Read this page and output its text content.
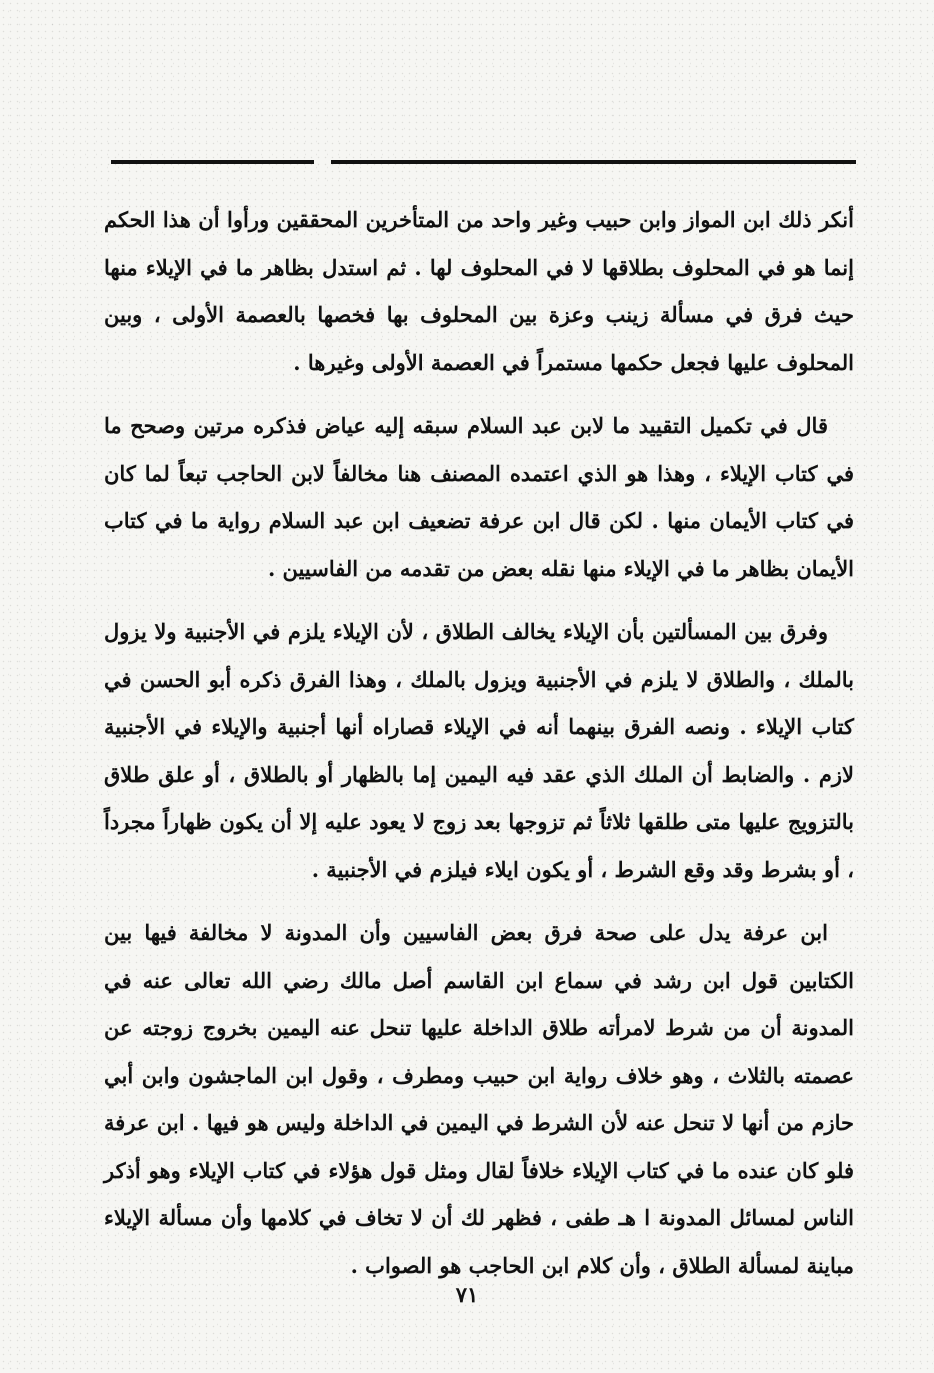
أنكر ذلك ابن المواز وابن حبيب وغير واحد من المتأخرين المحققين ورأوا أن هذا الحكم إنما هو في المحلوف بطلاقها لا في المحلوف لها . ثم استدل بظاهر ما في الإيلاء منها حيث فرق في مسألة زينب وعزة بين المحلوف بها فخصها بالعصمة الأولى ، وبين المحلوف عليها فجعل حكمها مستمراً في العصمة الأولى وغيرها .

قال في تكميل التقييد ما لابن عبد السلام سبقه إليه عياض فذكره مرتين وصحح ما في كتاب الإيلاء ، وهذا هو الذي اعتمده المصنف هنا مخالفاً لابن الحاجب تبعاً لما كان في كتاب الأيمان منها . لكن قال ابن عرفة تضعيف ابن عبد السلام رواية ما في كتاب الأيمان بظاهر ما في الإيلاء منها نقله بعض من تقدمه من الفاسيين .

وفرق بين المسألتين بأن الإيلاء يخالف الطلاق ، لأن الإيلاء يلزم في الأجنبية ولا يزول بالملك ، والطلاق لا يلزم في الأجنبية ويزول بالملك ، وهذا الفرق ذكره أبو الحسن في كتاب الإيلاء . ونصه الفرق بينهما أنه في الإيلاء قصاراه أنها أجنبية والإيلاء في الأجنبية لازم . والضابط أن الملك الذي عقد فيه اليمين إما بالظهار أو بالطلاق ، أو علق طلاق بالتزويج عليها متى طلقها ثلاثاً ثم تزوجها بعد زوج لا يعود عليه إلا أن يكون ظهاراً مجرداً ، أو بشرط وقد وقع الشرط ، أو يكون ايلاء فيلزم في الأجنبية .

ابن عرفة يدل على صحة فرق بعض الفاسيين وأن المدونة لا مخالفة فيها بين الكتابين قول ابن رشد في سماع ابن القاسم أصل مالك رضي الله تعالى عنه في المدونة أن من شرط لامرأته طلاق الداخلة عليها تنحل عنه اليمين بخروج زوجته عن عصمته بالثلاث ، وهو خلاف رواية ابن حبيب ومطرف ، وقول ابن الماجشون وابن أبي حازم من أنها لا تنحل عنه لأن الشرط في اليمين في الداخلة وليس هو فيها . ابن عرفة فلو كان عنده ما في كتاب الإيلاء خلافاً لقال ومثل قول هؤلاء في كتاب الإيلاء وهو أذكر الناس لمسائل المدونة ا هـ طفى ، فظهر لك أن لا تخاف في كلامها وأن مسألة الإيلاء مباينة لمسألة الطلاق ، وأن كلام ابن الحاجب هو الصواب .

٧١
